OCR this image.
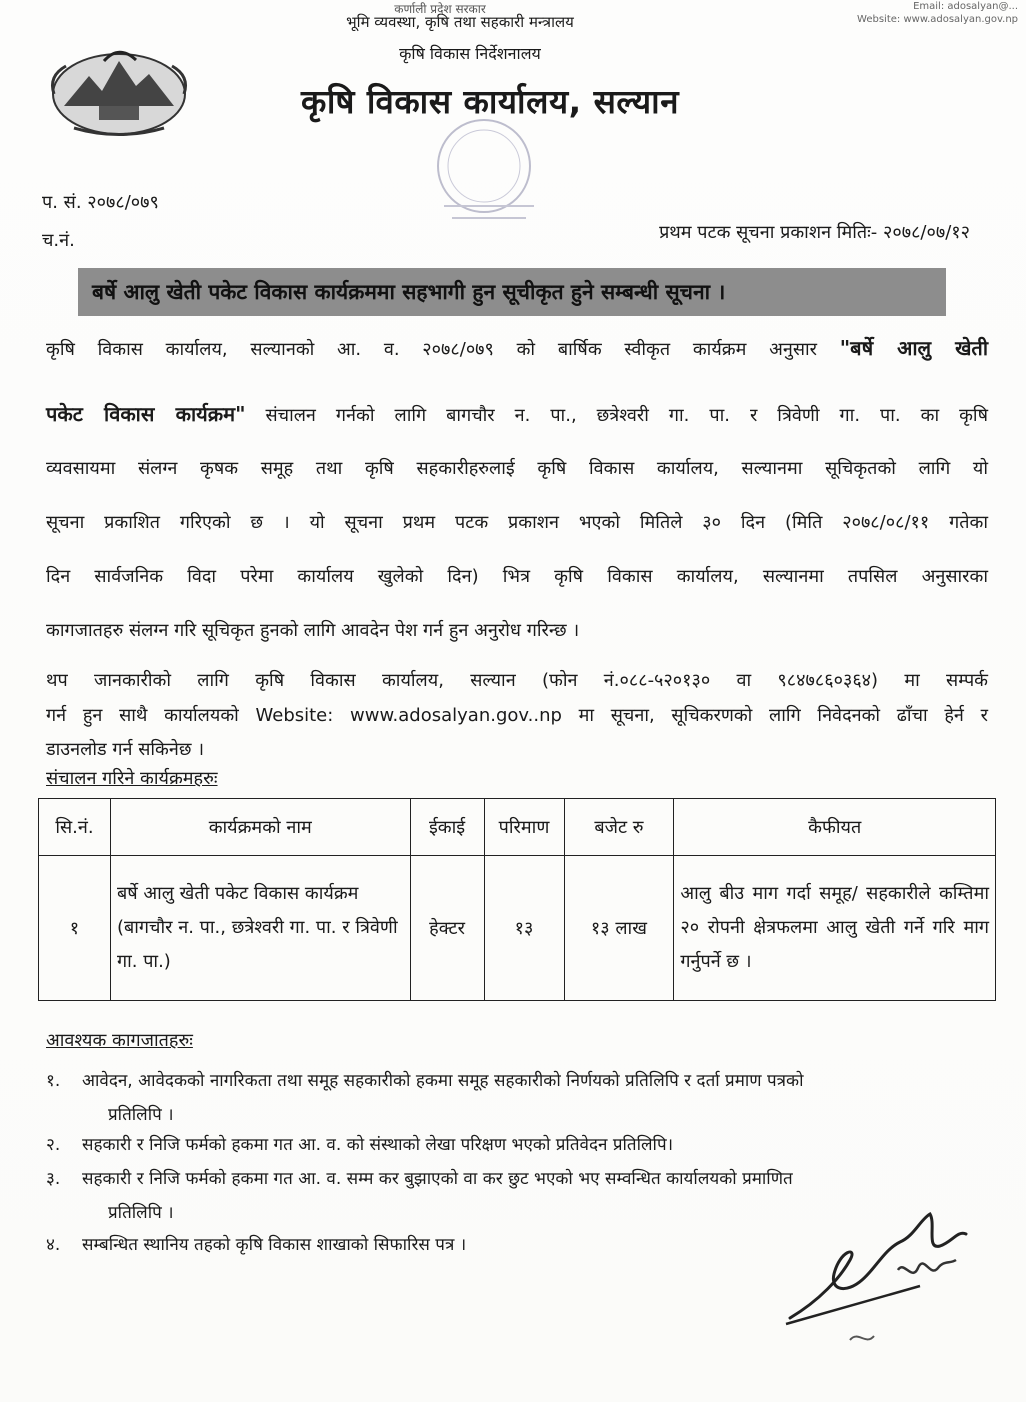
कर्णाली प्रदेश सरकार
भूमि व्यवस्था, कृषि तथा सहकारी मन्त्रालय
कृषि विकास निर्देशनालय
कृषि विकास कार्यालय, सल्यान
Email: adosalyan@...
Website: www.adosalyan.gov.np
प. सं. २०७८/०७९
च.नं.	प्रथम पटक सूचना प्रकाशन मितिः- २०७८/०७/१२
बर्षे आलु खेती पकेट विकास कार्यक्रममा सहभागी हुन सूचीकृत हुने सम्बन्धी सूचना ।
कृषि विकास कार्यालय, सल्यानको आ. व. २०७८/०७९ को बार्षिक स्वीकृत कार्यक्रम अनुसार "बर्षे आलु खेती
पकेट विकास कार्यक्रम" संचालन गर्नको लागि बागचौर न. पा., छत्रेश्वरी गा. पा. र त्रिवेणी गा. पा. का कृषि
व्यवसायमा संलग्न कृषक समूह तथा कृषि सहकारीहरुलाई कृषि विकास कार्यालय, सल्यानमा सूचिकृतको लागि यो
सूचना प्रकाशित गरिएको छ । यो सूचना प्रथम पटक प्रकाशन भएको मितिले ३० दिन (मिति २०७८/०८/११ गतेका
दिन सार्वजनिक विदा परेमा कार्यालय खुलेको दिन) भित्र कृषि विकास कार्यालय, सल्यानमा तपसिल अनुसारका
कागजातहरु संलग्न गरि सूचिकृत हुनको लागि आवदेन पेश गर्न हुन अनुरोध गरिन्छ ।
थप जानकारीको लागि कृषि विकास कार्यालय, सल्यान (फोन नं.०८८-५२०१३० वा ९८४७८६०३६४) मा सम्पर्क
गर्न हुन साथै कार्यालयको Website: www.adosalyan.gov..np मा सूचना, सूचिकरणको लागि निवेदनको ढाँचा हेर्न र
डाउनलोड गर्न सकिनेछ ।
संचालन गरिने कार्यक्रमहरुः
सि.नं.	कार्यक्रमको नाम	ईकाई	परिमाण	बजेट रु	कैफीयत
१	बर्षे आलु खेती पकेट विकास कार्यक्रम (बागचौर न. पा., छत्रेश्वरी गा. पा. र त्रिवेणी गा. पा.)	हेक्टर	१३	१३ लाख	आलु बीउ माग गर्दा समूह/ सहकारीले कम्तिमा २० रोपनी क्षेत्रफलमा आलु खेती गर्ने गरि माग गर्नुपर्ने छ ।
आवश्यक कागजातहरुः
१. आवेदन, आवेदकको नागरिकता तथा समूह सहकारीको हकमा समूह सहकारीको निर्णयको प्रतिलिपि र दर्ता प्रमाण पत्रको
प्रतिलिपि ।
२. सहकारी र निजि फर्मको हकमा गत आ. व. को संस्थाको लेखा परिक्षण भएको प्रतिवेदन प्रतिलिपि।
३. सहकारी र निजि फर्मको हकमा गत आ. व. सम्म कर बुझाएको वा कर छुट भएको भए सम्वन्धित कार्यालयको प्रमाणित
प्रतिलिपि ।
४. सम्बन्धित स्थानिय तहको कृषि विकास शाखाको सिफारिस पत्र ।
